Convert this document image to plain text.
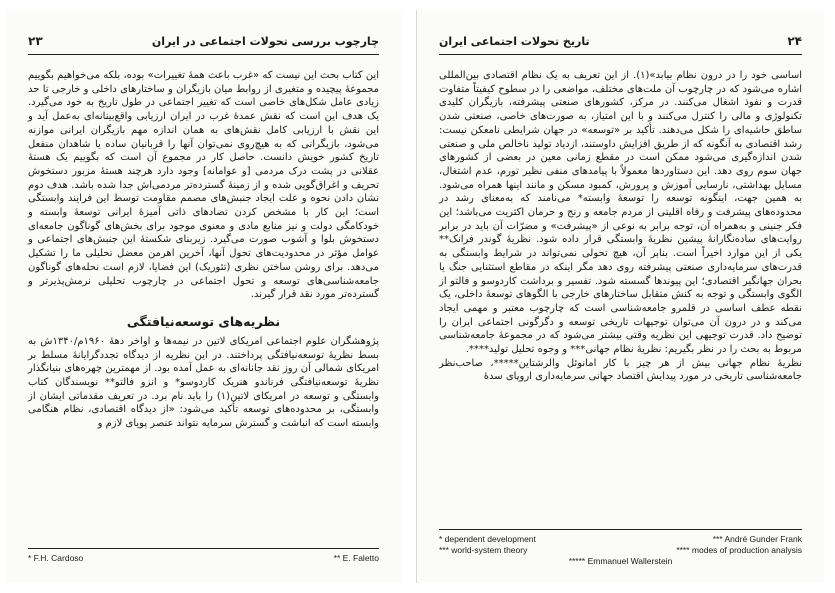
۲۳	چارچوب بررسی تحولات اجتماعی در ایران

این کتاب بحث این نیست که «غرب باعث همهٔ تغییرات» بوده، بلکه می‌خواهیم بگوییم مجموعهٔ پیچیده و متغیری از روابط میان بازیگران و ساختارهای داخلی و خارجی تا حد زیادی عامل شکل‌های خاصی است که تغییر اجتماعی در طول تاریخ به خود می‌گیرد. یک هدف این است که نقش عمدهٔ غرب در ایران ارزیابی واقع‌بینانه‌ای به‌عمل آید و این نقش با ارزیابی کامل نقش‌های به همان اندازه مهم بازیگران ایرانی موازنه می‌شود، بازیگرانی که به هیچ‌روی نمی‌توان آنها را قربانیان ساده یا شاهدان منفعل تاریخ کشور خویش دانست. حاصل کار در مجموع آن است که بگوییم یک هستهٔ عقلانی در پشت درک مردمی [و عوامانه] وجود دارد هرچند هستهٔ مزبور دستخوش تحریف و اغراق‌گویی شده و از زمینهٔ گسترده‌تر مردمی‌اش جدا شده باشد. هدف دوم نشان دادن نحوه و علت ایجاد جنبش‌های مصمم مقاومت توسط این فرایند وابستگی است؛ این کار با مشخص کردن تضادهای ذاتی آمیزهٔ ایرانی توسعهٔ وابسته و خودکامگی دولت و نیز منابع مادی و معنوی موجود برای بخش‌های گوناگون جامعه‌ای دستخوش بلوا و آشوب صورت می‌گیرد. زیربنای شکستهٔ این جنبش‌های اجتماعی و عوامل مؤثر در محدودیت‌های تحول آنها، آخرین اهرمن معضل تحلیلی ما را تشکیل می‌دهد. برای روشن ساختن نظری (تئوریک) این فضایا، لازم است نحله‌های گوناگون جامعه‌شناسی‌های توسعه و تحول اجتماعی در چارچوب تحلیلی نرمش‌پذیرتر و گسترده‌تر مورد نقد قرار گیرند.

نظریه‌های توسعه‌نیافتگی

پژوهشگران علوم اجتماعی امریکای لاتین در نیمه‌ها و اواخر دههٔ ۱۹۶۰م/۱۳۴۰ش به بسط نظریهٔ توسعه‌نیافتگی پرداختند. در این نظریه از دیدگاه تجددگرایانهٔ مسلط بر امریکای شمالی آن روز نقد جانانه‌ای به عمل آمده بود. از مهمترین چهره‌های بنیانگذار نظریهٔ توسعه‌نیافتگی فرناندو هنریک کاردوسو* و انزو فالتو** نویسندگان کتاب وابستگی و توسعه در امریکای لاتین(۱) را باید نام برد. در تعریف مقدماتی ایشان از وابستگی، بر محدوده‌های توسعه تأکید می‌شود: «از دیدگاه اقتصادی، نظام هنگامی وابسته است که انباشت و گسترش سرمایه نتواند عنصر پویای لازم و

* F.H. Cardoso	** E. Faletto
۲۴
تاریخ تحولات اجتماعی ایران

اساسی خود را در درون نظام بیابد»(۱). از این تعریف به یک نظام اقتصادی بین‌المللی اشاره می‌شود که در چارچوب آن ملت‌های مختلف، مواضعی را در سطوح کیفیتاً متفاوت قدرت و نفوذ اشغال می‌کنند. در مرکز، کشورهای صنعتی پیشرفته، بازیگران کلیدی تکنولوژی و مالی را کنترل می‌کنند و با این امتیاز، به صورت‌های خاصی، صنعتی شدن ساطق حاشیه‌ای را شکل می‌دهند. تأکید بر «توسعه» در جهان شرایطی نامعکن نیست: رشد اقتصادی به آنگونه که از طریق افزایش داوستند، ازدیاد تولید ناخالص ملی و صنعتی شدن اندازه‌گیری می‌شود ممکن است در مقطع زمانی معین در بعضی از کشورهای جهان سوم روی دهد. این دستاوردها معمولاً با پیامدهای منفی نظیر تورم، عدم اشتغال، مسایل بهداشتی، نارسایی آموزش و پرورش، کمبود مسکن و مانند اینها همراه می‌شود. به همین جهت، اینگونه توسعه را توسعهٔ وابسته* می‌نامند که به‌معنای رشد در محدوده‌های پیشرفت و رفاه اقلیتی از مردم جامعه و رنج و حرمان اکثریت می‌باشد؛ این فکر جنینی و به‌همراه آن، توجه برابر به نوعی از «پیشرفت» و مضرّات آن باید در برابر روایت‌های ساده‌نگارانهٔ پیشین نظریهٔ وابستگی قرار داده شود. نظریهٔ گوندر فرانک** یکی از این موارد اخیراً است. بنابر آن، هیچ تحولی نمی‌تواند در شرایط وابستگی به قدرت‌های سرمایه‌داری صنعتی پیشرفته روی دهد مگر اینکه در مقاطع استثنایی جنگ یا بحران جهانگیر اقتصادی؛ این پیوندها گسسته شود. تفسیر و برداشت کاردوسو و فالتو از الگوی وابستگی و توجه به کنش متقابل ساختارهای خارجی با الگوهای توسعهٔ داخلی، یک نقطه عطف اساسی در قلمرو جامعه‌شناسی است که چارچوب معتبر و مهمی ایجاد می‌کند و در درون آن می‌توان توجیهات تاریخی توسعه و دگرگونی اجتماعی ایران را توضیح داد. قدرت توجیهی این نظریه وقتی بیشتر می‌شود که در مجموعهٔ جامعه‌شناسی مربوط به بحث را در نظر بگیریم: نظریهٔ نظام جهانی*** و وجوه تحلیل تولید****.

نظریهٔ نظام جهانی بیش از هر چیز با کار امانوئل والرشتاین*****، صاحب‌نظر جامعه‌شناسی تاریخی در مورد پیدایش اقتصاد جهانی سرمایه‌داری اروپای سدهٔ

* dependent development	*** André Gunder Frank
*** world-system theory	**** modes of production analysis
***** Emmanuel Wallerstein
